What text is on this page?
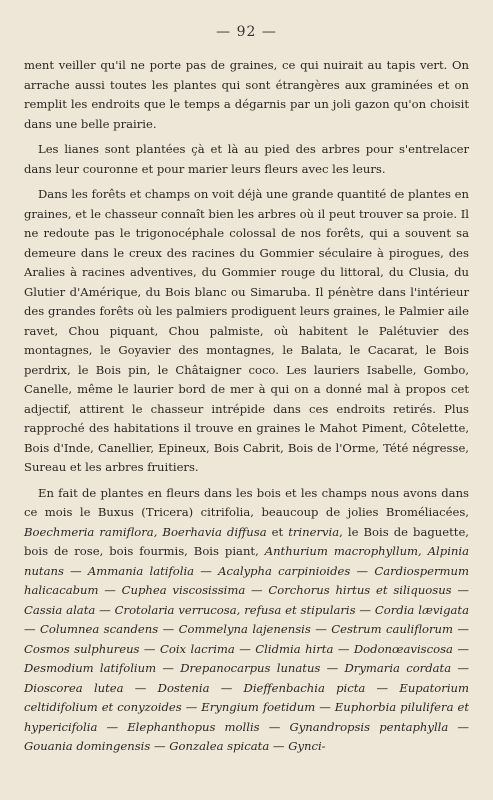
— 92 —

ment veiller qu'il ne porte pas de graines, ce qui nuirait au tapis vert. On arrache aussi toutes les plantes qui sont étrangères aux graminées et on remplit les endroits que le temps a dégarnis par un joli gazon qu'on choisit dans une belle prairie.

Les lianes sont plantées çà et là au pied des arbres pour s'entrelacer dans leur couronne et pour marier leurs fleurs avec les leurs.

Dans les forêts et champs on voit déjà une grande quantité de plantes en graines, et le chasseur connaît bien les arbres où il peut trouver sa proie. Il ne redoute pas le trigonocéphale colossal de nos forêts, qui a souvent sa demeure dans le creux des racines du Gommier séculaire à pirogues, des Aralies à racines adventives, du Gommier rouge du littoral, du Clusia, du Glutier d'Amérique, du Bois blanc ou Simaruba. Il pénètre dans l'intérieur des grandes forêts où les palmiers prodiguent leurs graines, le Palmier aile ravet, Chou piquant, Chou palmiste, où habitent le Palétuvier des montagnes, le Goyavier des montagnes, le Balata, le Cacarat, le Bois perdrix, le Bois pin, le Châtaigner coco. Les lauriers Isabelle, Gombo, Canelle, même le laurier bord de mer à qui on a donné mal à propos cet adjectif, attirent le chasseur intrépide dans ces endroits retirés. Plus rapproché des habitations il trouve en graines le Mahot Piment, Côtelette, Bois d'Inde, Canellier, Epineux, Bois Cabrit, Bois de l'Orme, Tété négresse, Sureau et les arbres fruitiers.

En fait de plantes en fleurs dans les bois et les champs nous avons dans ce mois le Buxus (Tricera) citrifolia, beaucoup de jolies Broméliacées, Boechmeria ramiflora, Boerhavia diffusa et trinervia, le Bois de baguette, bois de rose, bois fourmis, Bois piant, Anthurium macrophyllum, Alpinia nutans — Ammania latifolia — Acalypha carpinioides — Cardiospermum halicacabum — Cuphea viscosissima — Corchorus hirtus et siliquosus — Cassia alata — Crotolaria verrucosa, refusa et stipularis — Cordia lævigata — Columnea scandens — Commelyna lajenensis — Cestrum cauliflorum — Cosmos sulphureus — Coix lacrima — Clidmia hirta — Dodonœaviscosa — Desmodium latifolium — Drepanocarpus lunatus — Drymaria cordata — Dioscorea lutea — Dostenia — Dieffenbachia picta — Eupatorium celtidifolium et conyzoides — Eryngium foetidum — Euphorbia pilulifera et hypericifolia — Elephanthopus mollis — Gynandropsis pentaphylla — Gouania domingensis — Gonzalea spicata — Gynci-
